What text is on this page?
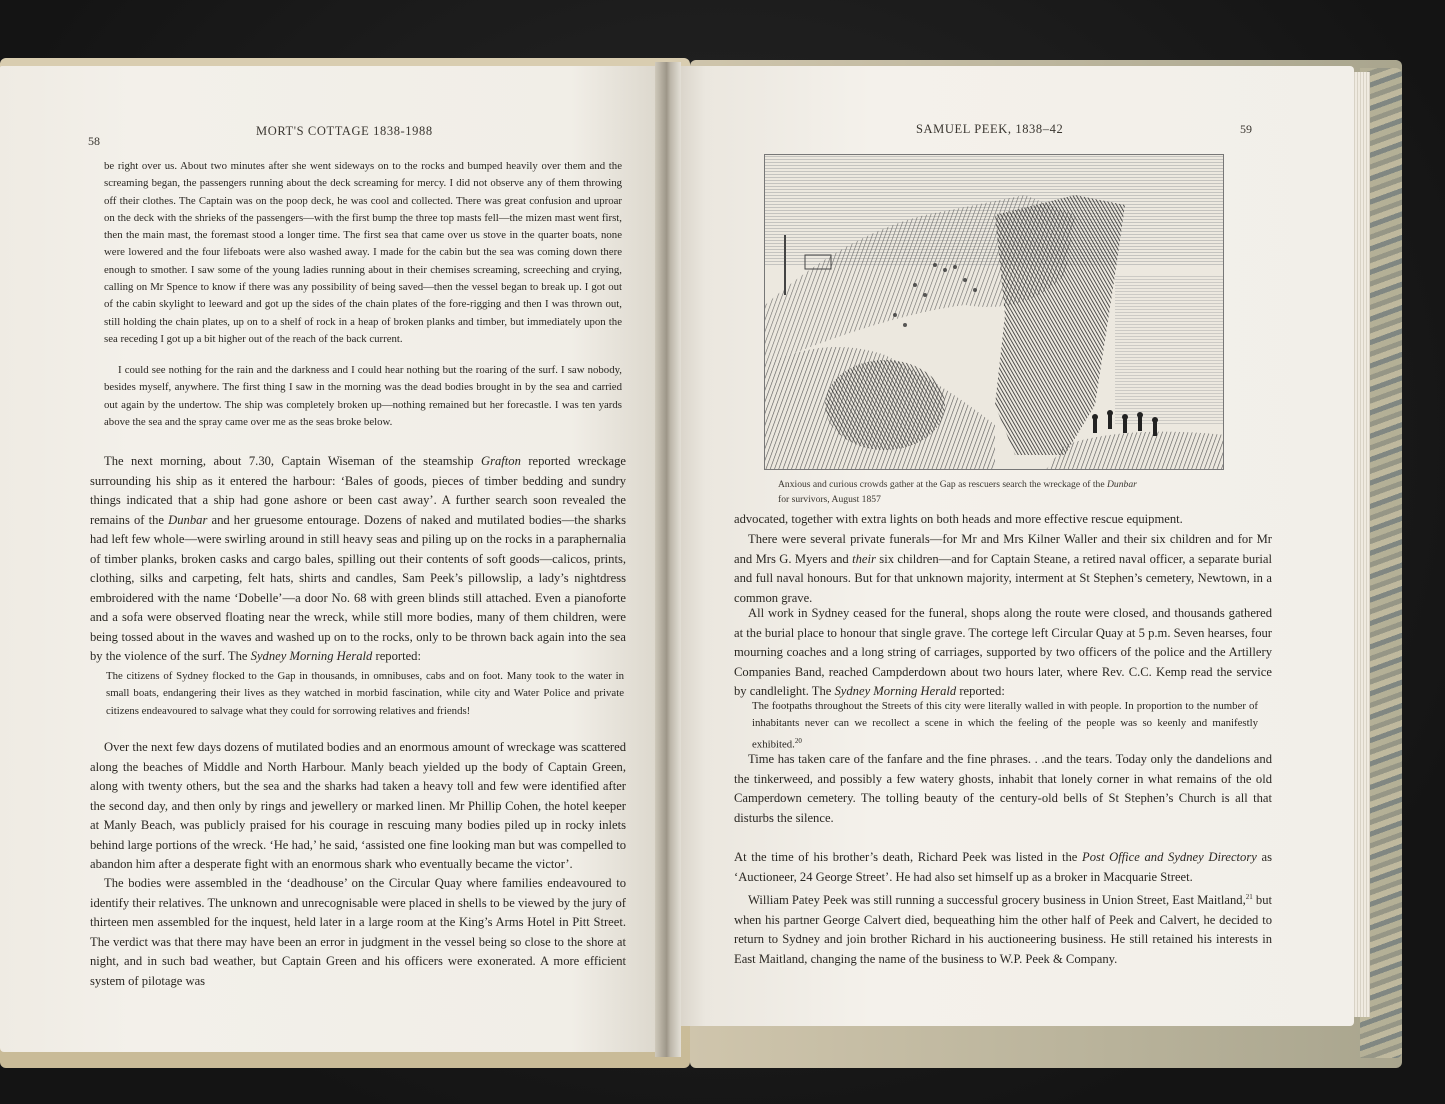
58
MORT'S COTTAGE 1838-1988

be right over us. About two minutes after she went sideways on to the rocks and bumped heavily over them and the screaming began, the passengers running about the deck screaming for mercy. I did not observe any of them throwing off their clothes. The Captain was on the poop deck, he was cool and collected. There was great confusion and uproar on the deck with the shrieks of the passengers—with the first bump the three top masts fell—the mizen mast went first, then the main mast, the foremast stood a longer time. The first sea that came over us stove in the quarter boats, none were lowered and the four lifeboats were also washed away. I made for the cabin but the sea was coming down there enough to smother. I saw some of the young ladies running about in their chemises screaming, screeching and crying, calling on Mr Spence to know if there was any possibility of being saved—then the vessel began to break up. I got out of the cabin skylight to leeward and got up the sides of the chain plates of the fore-rigging and then I was thrown out, still holding the chain plates, up on to a shelf of rock in a heap of broken planks and timber, but immediately upon the sea receding I got up a bit higher out of the reach of the back current.

I could see nothing for the rain and the darkness and I could hear nothing but the roaring of the surf. I saw nobody, besides myself, anywhere. The first thing I saw in the morning was the dead bodies brought in by the sea and carried out again by the undertow. The ship was completely broken up—nothing remained but her forecastle. I was ten yards above the sea and the spray came over me as the seas broke below.

The next morning, about 7.30, Captain Wiseman of the steamship Grafton reported wreckage surrounding his ship as it entered the harbour: ‘Bales of goods, pieces of timber bedding and sundry things indicated that a ship had gone ashore or been cast away’. A further search soon revealed the remains of the Dunbar and her gruesome entourage. Dozens of naked and mutilated bodies—the sharks had left few whole—were swirling around in still heavy seas and piling up on the rocks in a paraphernalia of timber planks, broken casks and cargo bales, spilling out their contents of soft goods—calicos, prints, clothing, silks and carpeting, felt hats, shirts and candles, Sam Peek’s pillowslip, a lady’s nightdress embroidered with the name ‘Dobelle’—a door No. 68 with green blinds still attached. Even a pianoforte and a sofa were observed floating near the wreck, while still more bodies, many of them children, were being tossed about in the waves and washed up on to the rocks, only to be thrown back again into the sea by the violence of the surf. The Sydney Morning Herald reported:

The citizens of Sydney flocked to the Gap in thousands, in omnibuses, cabs and on foot. Many took to the water in small boats, endangering their lives as they watched in morbid fascination, while city and Water Police and private citizens endeavoured to salvage what they could for sorrowing relatives and friends!

Over the next few days dozens of mutilated bodies and an enormous amount of wreckage was scattered along the beaches of Middle and North Harbour. Manly beach yielded up the body of Captain Green, along with twenty others, but the sea and the sharks had taken a heavy toll and few were identified after the second day, and then only by rings and jewellery or marked linen. Mr Phillip Cohen, the hotel keeper at Manly Beach, was publicly praised for his courage in rescuing many bodies piled up in rocky inlets behind large portions of the wreck. ‘He had,’ he said, ‘assisted one fine looking man but was compelled to abandon him after a desperate fight with an enormous shark who eventually became the victor’.

The bodies were assembled in the ‘deadhouse’ on the Circular Quay where families endeavoured to identify their relatives. The unknown and unrecognisable were placed in shells to be viewed by the jury of thirteen men assembled for the inquest, held later in a large room at the King’s Arms Hotel in Pitt Street. The verdict was that there may have been an error in judgment in the vessel being so close to the shore at night, and in such bad weather, but Captain Green and his officers were exonerated. A more efficient system of pilotage was

SAMUEL PEEK, 1838–42	59
Anxious and curious crowds gather at the Gap as rescuers search the wreckage of the Dunbar
for survivors, August 1857

advocated, together with extra lights on both heads and more effective rescue equipment.

There were several private funerals—for Mr and Mrs Kilner Waller and their six children and for Mr and Mrs G. Myers and their six children—and for Captain Steane, a retired naval officer, a separate burial and full naval honours. But for that unknown majority, interment at St Stephen’s cemetery, Newtown, in a common grave.

All work in Sydney ceased for the funeral, shops along the route were closed, and thousands gathered at the burial place to honour that single grave. The cortege left Circular Quay at 5 p.m. Seven hearses, four mourning coaches and a long string of carriages, supported by two officers of the police and the Artillery Companies Band, reached Campderdown about two hours later, where Rev. C.C. Kemp read the service by candlelight. The Sydney Morning Herald reported:

The footpaths throughout the Streets of this city were literally walled in with people. In proportion to the number of inhabitants never can we recollect a scene in which the feeling of the people was so keenly and manifestly exhibited.$^{20}$

Time has taken care of the fanfare and the fine phrases. . .and the tears. Today only the dandelions and the tinkerweed, and possibly a few watery ghosts, inhabit that lonely corner in what remains of the old Camperdown cemetery. The tolling beauty of the century-old bells of St Stephen’s Church is all that disturbs the silence.

At the time of his brother’s death, Richard Peek was listed in the Post Office and Sydney Directory as ‘Auctioneer, 24 George Street’. He had also set himself up as a broker in Macquarie Street.

William Patey Peek was still running a successful grocery business in Union Street, East Maitland,$^{21}$ but when his partner George Calvert died, bequeathing him the other half of Peek and Calvert, he decided to return to Sydney and join brother Richard in his auctioneering business. He still retained his interests in East Maitland, changing the name of the business to W.P. Peek & Company.
